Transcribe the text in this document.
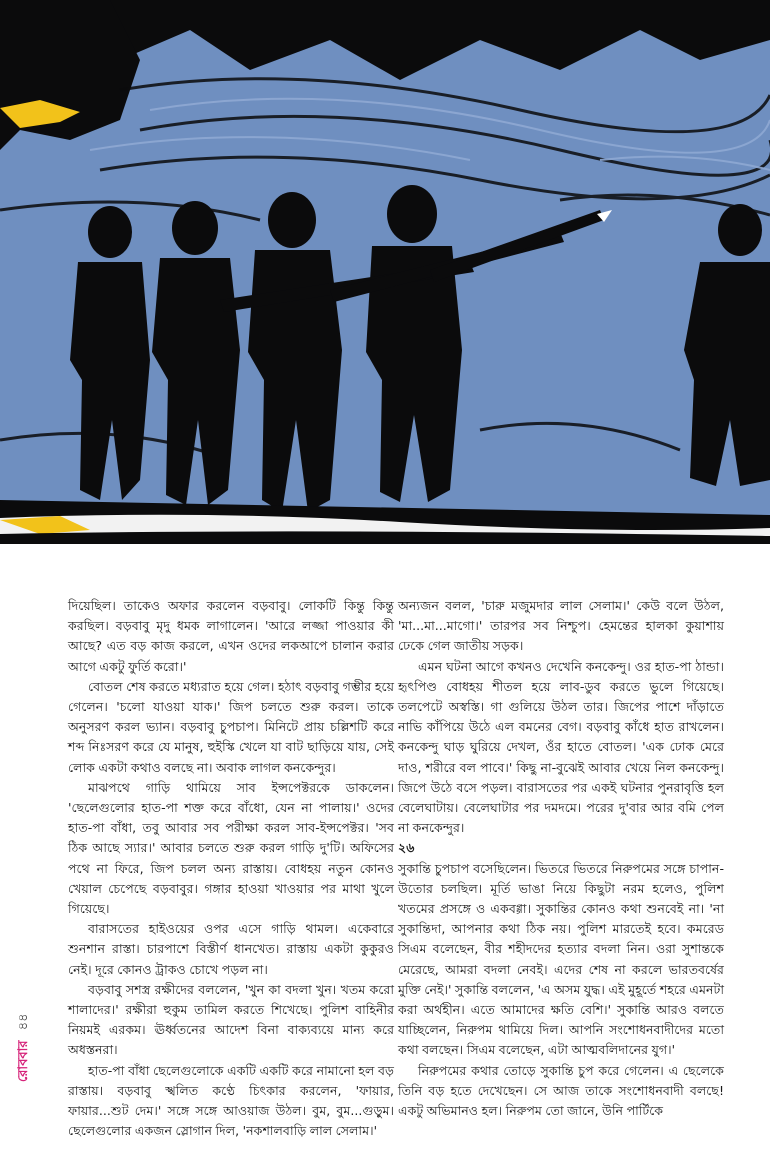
রোববার ৪৪

দিয়েছিল। তাকেও অফার করলেন বড়বাবু। লোকটি কিন্তু কিন্তু করছিল। বড়বাবু মৃদু ধমক লাগালেন। 'আরে লজ্জা পাওয়ার কী আছে? এত বড় কাজ করলে, এখন ওদের লকআপে চালান করার আগে একটু ফুর্তি করো।'

বোতল শেষ করতে মধ্যরাত হয়ে গেল। হঠাৎ বড়বাবু গম্ভীর হয়ে গেলেন। 'চলো যাওয়া যাক।' জিপ চলতে শুরু করল। তাকে অনুসরণ করল ভ্যান। বড়বাবু চুপচাপ। মিনিটে প্রায় চল্লিশটি করে শব্দ নিঃসরণ করে যে মানুষ, হুইস্কি খেলে যা বাট ছাড়িয়ে যায়, সেই লোক একটা কথাও বলছে না। অবাক লাগল কনকেন্দুর।

মাঝপথে গাড়ি থামিয়ে সাব ইন্সপেক্টরকে ডাকলেন। 'ছেলেগুলোর হাত-পা শক্ত করে বাঁধো, যেন না পালায়।' ওদের হাত-পা বাঁধা, তবু আবার সব পরীক্ষা করল সাব-ইন্সপেক্টর। 'সব ঠিক আছে স্যার।' আবার চলতে শুরু করল গাড়ি দু'টি। অফিসের পথে না ফিরে, জিপ চলল অন্য রাস্তায়। বোধহয় নতুন কোনও খেয়াল চেপেছে বড়বাবুর। গঙ্গার হাওয়া খাওয়ার পর মাথা খুলে গিয়েছে।

বারাসতের হাইওয়ের ওপর এসে গাড়ি থামল। একেবারে শুনশান রাস্তা। চারপাশে বিস্তীর্ণ ধানখেত। রাস্তায় একটা কুকুরও নেই। দূরে কোনও ট্রাকও চোখে পড়ল না।

বড়বাবু সশস্ত্র রক্ষীদের বললেন, 'খুন কা বদলা খুন। খতম করো শালাদের।' রক্ষীরা হুকুম তামিল করতে শিখেছে। পুলিশ বাহিনীর নিয়মই এরকম। ঊর্ধ্বতনের আদেশ বিনা বাক্যব্যয়ে মান্য করে অধস্তনরা।

হাত-পা বাঁধা ছেলেগুলোকে একটি একটি করে নামানো হল বড় রাস্তায়। বড়বাবু স্খলিত কণ্ঠে চিৎকার করলেন, 'ফায়ার, ফায়ার...শুট দেম।' সঙ্গে সঙ্গে আওয়াজ উঠল। বুম, বুম...গুড়ুম। ছেলেগুলোর একজন স্লোগান দিল, 'নকশালবাড়ি লাল সেলাম।'

অন্যজন বলল, 'চারু মজুমদার লাল সেলাম।' কেউ বলে উঠল, 'মা...মা...মাগো।' তারপর সব নিশ্চুপ। হেমন্তের হালকা কুয়াশায় ঢেকে গেল জাতীয় সড়ক।

এমন ঘটনা আগে কখনও দেখেনি কনকেন্দু। ওর হাত-পা ঠান্ডা। হৃৎপিণ্ড বোধহয় শীতল হয়ে লাব-ডুব করতে ভুলে গিয়েছে। তলপেটে অস্বস্তি। গা গুলিয়ে উঠল তার। জিপের পাশে দাঁড়াতে নাভি কাঁপিয়ে উঠে এল বমনের বেগ। বড়বাবু কাঁধে হাত রাখলেন। কনকেন্দু ঘাড় ঘুরিয়ে দেখল, ওঁর হাতে বোতল। 'এক ঢোক মেরে দাও, শরীরে বল পাবে।' কিছু না-বুঝেই আবার খেয়ে নিল কনকেন্দু। জিপে উঠে বসে পড়ল। বারাসতের পর একই ঘটনার পুনরাবৃত্তি হল বেলেঘাটায়। বেলেঘাটার পর দমদমে। পরের দু'বার আর বমি পেল না কনকেন্দুর।

২৬

সুকান্তি চুপচাপ বসেছিলেন। ভিতরে ভিতরে নিরুপমের সঙ্গে চাপান-উতোর চলছিল। মূর্তি ভাঙা নিয়ে কিছুটা নরম হলেও, পুলিশ খতমের প্রসঙ্গে ও একবগ্গা। সুকান্তির কোনও কথা শুনবেই না। 'না সুকান্তিদা, আপনার কথা ঠিক নয়। পুলিশ মারতেই হবে। কমরেড সিএম বলেছেন, বীর শহীদদের হত্যার বদলা নিন। ওরা সুশান্তকে মেরেছে, আমরা বদলা নেবই। এদের শেষ না করলে ভারতবর্ষের মুক্তি নেই।' সুকান্তি বললেন, 'এ অসম যুদ্ধ। এই মুহূর্তে শহরে এমনটা করা অর্থহীন। এতে আমাদের ক্ষতি বেশি।' সুকান্তি আরও বলতে যাচ্ছিলেন, নিরুপম থামিয়ে দিল। আপনি সংশোধনবাদীদের মতো কথা বলছেন। সিএম বলেছেন, এটা আত্মবলিদানের যুগ।'

নিরুপমের কথার তোড়ে সুকান্তি চুপ করে গেলেন। এ ছেলেকে তিনি বড় হতে দেখেছেন। সে আজ তাকে সংশোধনবাদী বলছে! একটু অভিমানও হল। নিরুপম তো জানে, উনি পার্টিকে
